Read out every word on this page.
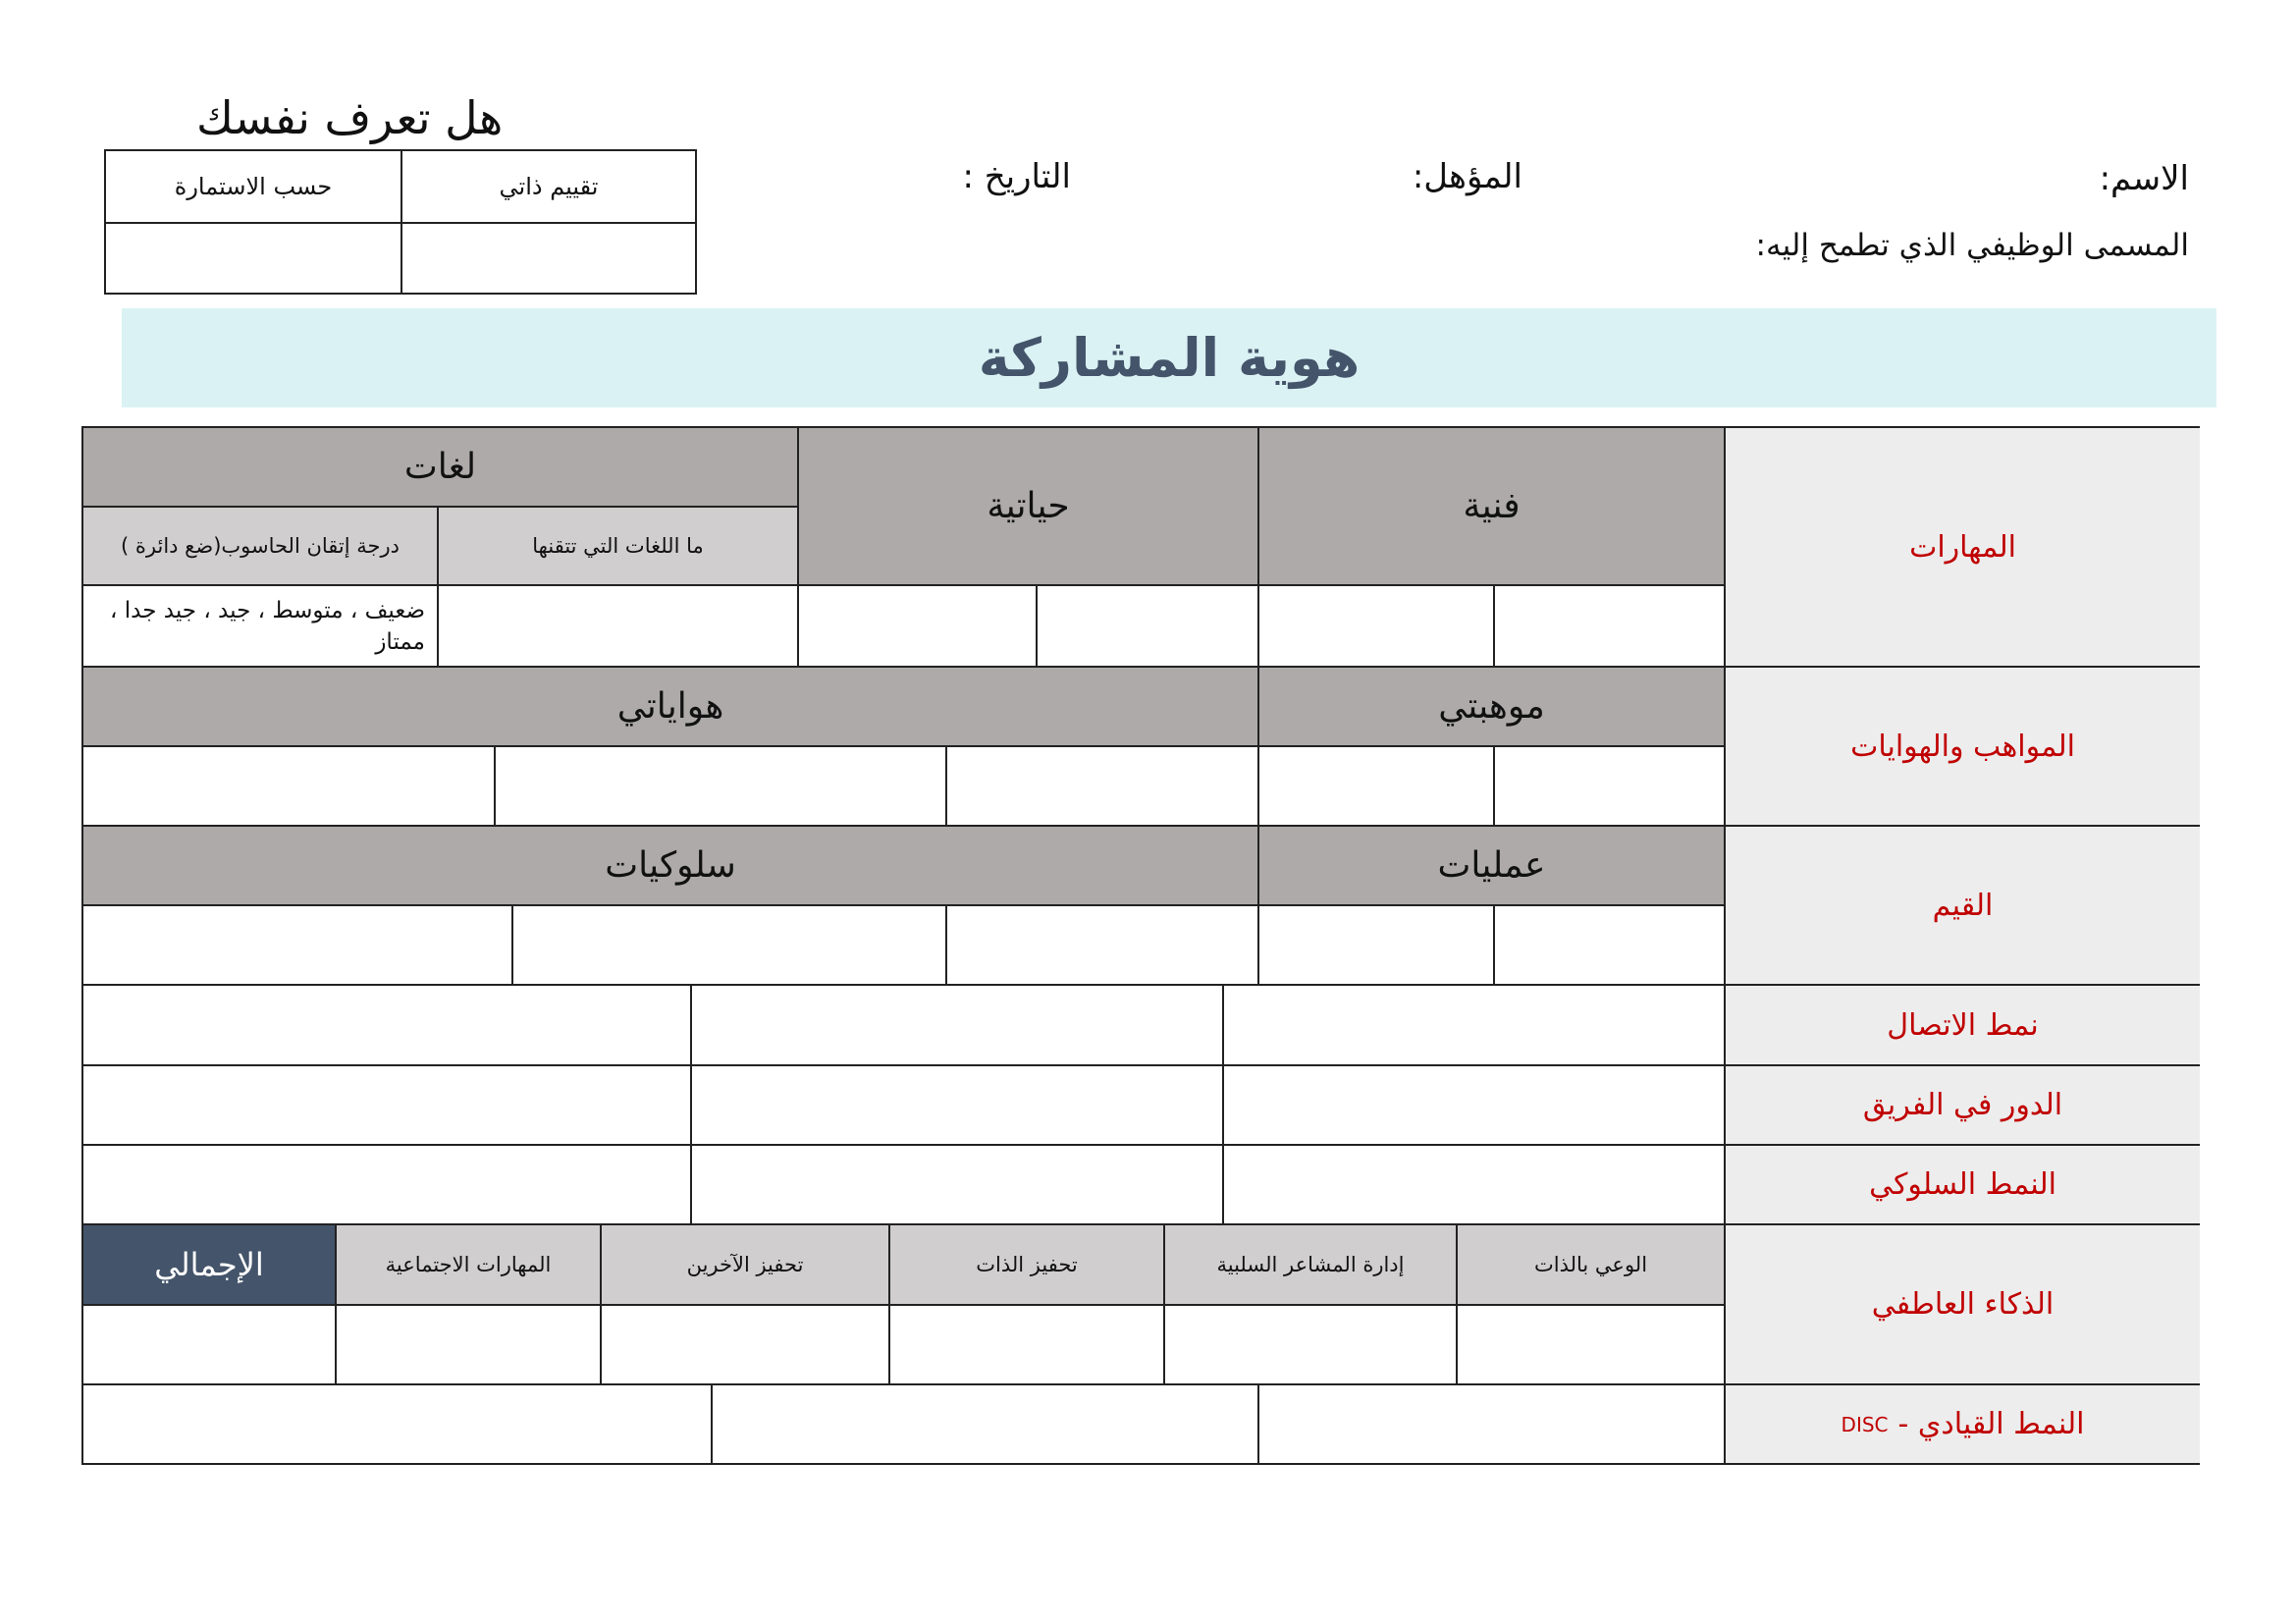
هل تعرف نفسك
الاسم:
المؤهل:
التاريخ :
المسمى الوظيفي الذي تطمح إليه:
تقييم ذاتي
حسب الاستمارة
هوية المشاركة
المهارات
المواهب والهوايات
القيم
نمط الاتصال
الدور في الفريق
النمط السلوكي
الذكاء العاطفي
النمط القيادي -
DISC
فنية
حياتية
لغات
ما اللغات التي تتقنها
درجة إتقان الحاسوب(ضع دائرة )
ضعيف ، متوسط ، جيد ، جيد جدا ، ممتاز
موهبتي
هواياتي
عمليات
سلوكيات
الوعي بالذات
إدارة المشاعر السلبية
تحفيز الذات
تحفيز الآخرين
المهارات الاجتماعية
الإجمالي
